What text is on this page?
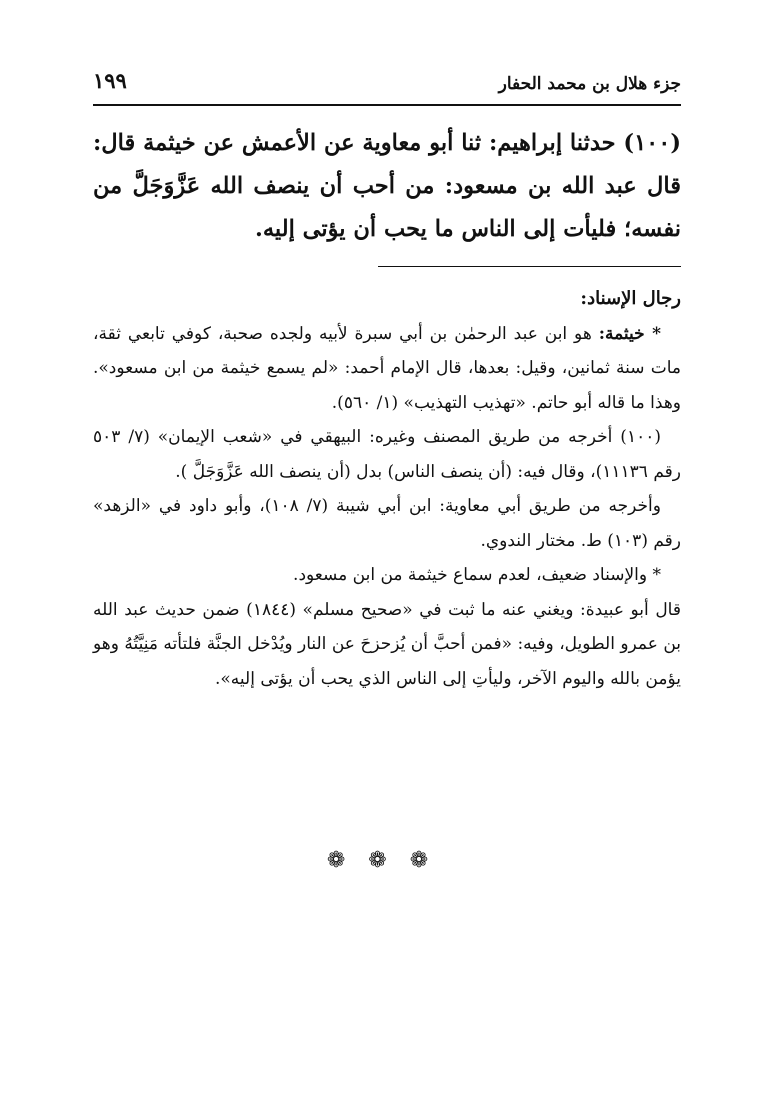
جزء هلال بن محمد الحفار
١٩٩
(١٠٠) حدثنا إبراهيم: ثنا أبو معاوية عن الأعمش عن خيثمة قال: قال عبد الله بن مسعود: من أحب أن ينصف الله عَزَّوَجَلَّ من نفسه؛ فليأت إلى الناس ما يحب أن يؤتى إليه.

رجال الإسناد:

* خيثمة: هو ابن عبد الرحمٰن بن أبي سبرة لأبيه ولجده صحبة، كوفي تابعي ثقة، مات سنة ثمانين، وقيل: بعدها، قال الإمام أحمد: «لم يسمع خيثمة من ابن مسعود». وهذا ما قاله أبو حاتم. «تهذيب التهذيب» (١/ ٥٦٠).

(١٠٠) أخرجه من طريق المصنف وغيره: البيهقي في «شعب الإيمان» (٧/ ٥٠٣ رقم ١١١٣٦)، وقال فيه: (أن ينصف الناس) بدل (أن ينصف الله عَزَّوَجَلَّ ).

وأخرجه من طريق أبي معاوية: ابن أبي شيبة (٧/ ١٠٨)، وأبو داود في «الزهد» رقم (١٠٣) ط. مختار الندوي.

* والإسناد ضعيف، لعدم سماع خيثمة من ابن مسعود.

قال أبو عبيدة: ويغني عنه ما ثبت في «صحيح مسلم» (١٨٤٤) ضمن حديث عبد الله بن عمرو الطويل، وفيه: «فمن أحبَّ أن يُزحزحَ عن النار ويُدْخل الجنَّة فلتأته مَنِيَّتُهُ وهو يؤمن بالله واليوم الآخر، وليأتِ إلى الناس الذي يحب أن يؤتى إليه».

❁ ❁ ❁
